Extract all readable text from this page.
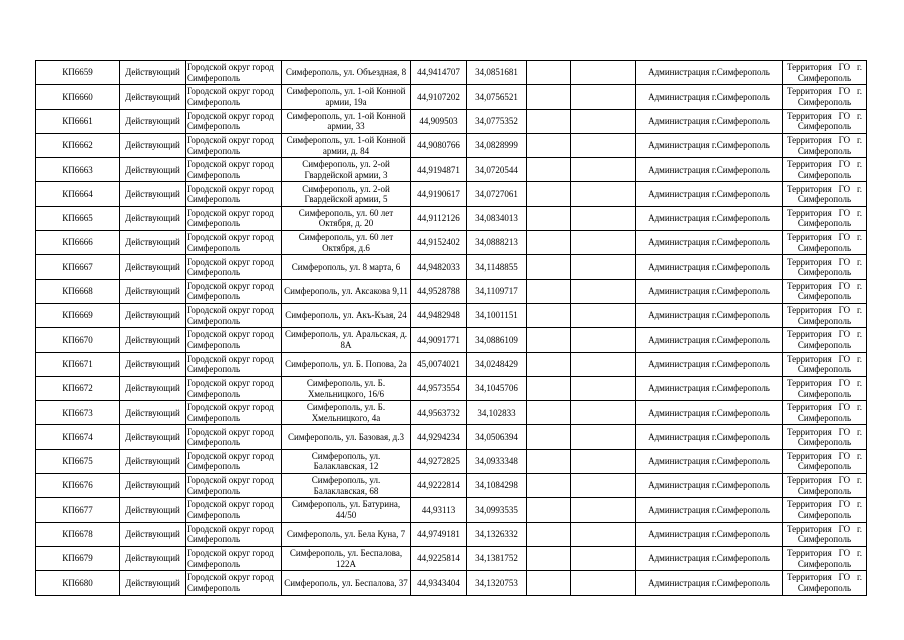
КП6659	Действующий	Городской округ город Симферополь	Симферополь, ул. Объездная, 8	44,9414707	34,0851681			Администрация г.Симферополь	Территория ГО г. Симферополь
КП6660	Действующий	Городской округ город Симферополь	Симферополь, ул. 1-ой Конной армии, 19а	44,9107202	34,0756521			Администрация г.Симферополь	Территория ГО г. Симферополь
КП6661	Действующий	Городской округ город Симферополь	Симферополь, ул. 1-ой Конной армии, 33	44,909503	34,0775352			Администрация г.Симферополь	Территория ГО г. Симферополь
КП6662	Действующий	Городской округ город Симферополь	Симферополь, ул. 1-ой Конной армии, д. 84	44,9080766	34,0828999			Администрация г.Симферополь	Территория ГО г. Симферополь
КП6663	Действующий	Городской округ город Симферополь	Симферополь, ул. 2-ой Гвардейской армии, 3	44,9194871	34,0720544			Администрация г.Симферополь	Территория ГО г. Симферополь
КП6664	Действующий	Городской округ город Симферополь	Симферополь, ул. 2-ой Гвардейской армии, 5	44,9190617	34,0727061			Администрация г.Симферополь	Территория ГО г. Симферополь
КП6665	Действующий	Городской округ город Симферополь	Симферополь, ул. 60 лет Октября, д. 20	44,9112126	34,0834013			Администрация г.Симферополь	Территория ГО г. Симферополь
КП6666	Действующий	Городской округ город Симферополь	Симферополь, ул. 60 лет Октября, д.6	44,9152402	34,0888213			Администрация г.Симферополь	Территория ГО г. Симферополь
КП6667	Действующий	Городской округ город Симферополь	Симферополь, ул. 8 марта, 6	44,9482033	34,1148855			Администрация г.Симферополь	Территория ГО г. Симферополь
КП6668	Действующий	Городской округ город Симферополь	Симферополь, ул. Аксакова 9,11	44,9528788	34,1109717			Администрация г.Симферополь	Территория ГО г. Симферополь
КП6669	Действующий	Городской округ город Симферополь	Симферополь, ул. Акъ-Къая, 24	44,9482948	34,1001151			Администрация г.Симферополь	Территория ГО г. Симферополь
КП6670	Действующий	Городской округ город Симферополь	Симферополь, ул. Аральская, д. 8А	44,9091771	34,0886109			Администрация г.Симферополь	Территория ГО г. Симферополь
КП6671	Действующий	Городской округ город Симферополь	Симферополь, ул. Б. Попова, 2а	45,0074021	34,0248429			Администрация г.Симферополь	Территория ГО г. Симферополь
КП6672	Действующий	Городской округ город Симферополь	Симферополь, ул. Б. Хмельницкого, 16/6	44,9573554	34,1045706			Администрация г.Симферополь	Территория ГО г. Симферополь
КП6673	Действующий	Городской округ город Симферополь	Симферополь, ул. Б. Хмельницкого, 4а	44,9563732	34,102833			Администрация г.Симферополь	Территория ГО г. Симферополь
КП6674	Действующий	Городской округ город Симферополь	Симферополь, ул. Базовая, д.3	44,9294234	34,0506394			Администрация г.Симферополь	Территория ГО г. Симферополь
КП6675	Действующий	Городской округ город Симферополь	Симферополь, ул. Балаклавская, 12	44,9272825	34,0933348			Администрация г.Симферополь	Территория ГО г. Симферополь
КП6676	Действующий	Городской округ город Симферополь	Симферополь, ул. Балаклавская, 68	44,9222814	34,1084298			Администрация г.Симферополь	Территория ГО г. Симферополь
КП6677	Действующий	Городской округ город Симферополь	Симферополь, ул. Батурина, 44/50	44,93113	34,0993535			Администрация г.Симферополь	Территория ГО г. Симферополь
КП6678	Действующий	Городской округ город Симферополь	Симферополь, ул. Бела Куна, 7	44,9749181	34,1326332			Администрация г.Симферополь	Территория ГО г. Симферополь
КП6679	Действующий	Городской округ город Симферополь	Симферополь, ул. Беспалова, 122А	44,9225814	34,1381752			Администрация г.Симферополь	Территория ГО г. Симферополь
КП6680	Действующий	Городской округ город Симферополь	Симферополь, ул. Беспалова, 37	44,9343404	34,1320753			Администрация г.Симферополь	Территория ГО г. Симферополь
